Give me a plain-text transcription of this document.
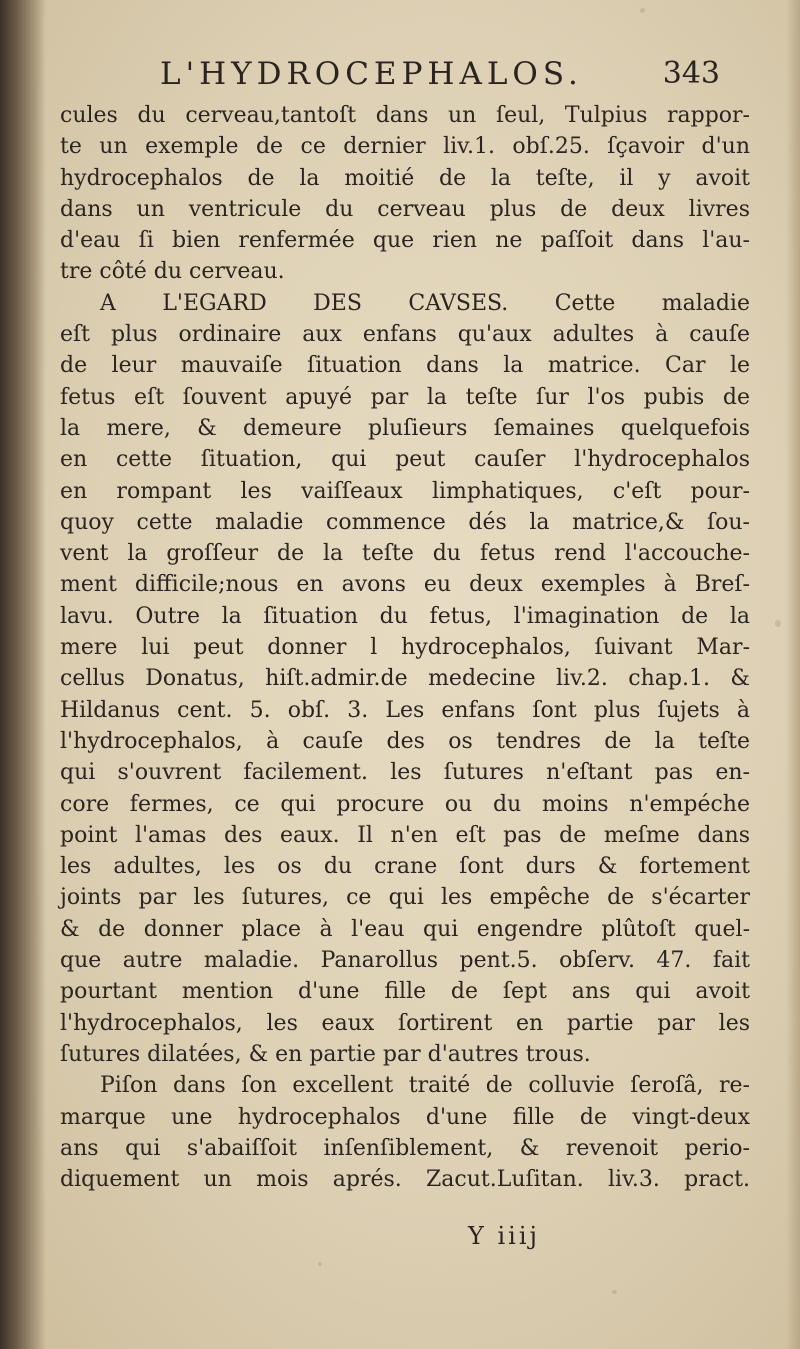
L'HYDROCEPHALOS.	343
cules du cerveau,tantoſt dans un ſeul, Tulpius rappor-
te un exemple de ce dernier liv.1. obſ.25. ſçavoir d'un
hydrocephalos de la moitié de la teſte, il y avoit
dans un ventricule du cerveau plus de deux livres
d'eau ſi bien renfermée que rien ne paſſoit dans l'au-
tre côté du cerveau.
A L'EGARD DES CAVSES. Cette maladie
eſt plus ordinaire aux enfans qu'aux adultes à cauſe
de leur mauvaiſe ſituation dans la matrice. Car le
fetus eſt ſouvent apuyé par la teſte ſur l'os pubis de
la mere, & demeure pluſieurs ſemaines quelquefois
en cette ſituation, qui peut cauſer l'hydrocephalos
en rompant les vaiſſeaux limphatiques, c'eſt pour-
quoy cette maladie commence dés la matrice,& ſou-
vent la groſſeur de la teſte du fetus rend l'accouche-
ment difficile;nous en avons eu deux exemples à Breſ-
lavu. Outre la ſituation du fetus, l'imagination de la
mere lui peut donner l hydrocephalos, ſuivant Mar-
cellus Donatus, hiſt.admir.de medecine liv.2. chap.1. &
Hildanus cent. 5. obſ. 3. Les enfans ſont plus ſujets à
l'hydrocephalos, à cauſe des os tendres de la teſte
qui s'ouvrent facilement. les ſutures n'eſtant pas en-
core fermes, ce qui procure ou du moins n'empéche
point l'amas des eaux. Il n'en eſt pas de meſme dans
les adultes, les os du crane ſont durs & fortement
joints par les ſutures, ce qui les empêche de s'écarter
& de donner place à l'eau qui engendre plûtoſt quel-
que autre maladie. Panarollus pent.5. obſerv. 47. fait
pourtant mention d'une fille de ſept ans qui avoit
l'hydrocephalos, les eaux ſortirent en partie par les
ſutures dilatées, & en partie par d'autres trous.
Piſon dans ſon excellent traité de colluvie ſeroſâ, re-
marque une hydrocephalos d'une fille de vingt-deux
ans qui s'abaiſſoit inſenſiblement, & revenoit perio-
diquement un mois aprés. Zacut.Luſitan. liv.3. pract.
Y iiij
